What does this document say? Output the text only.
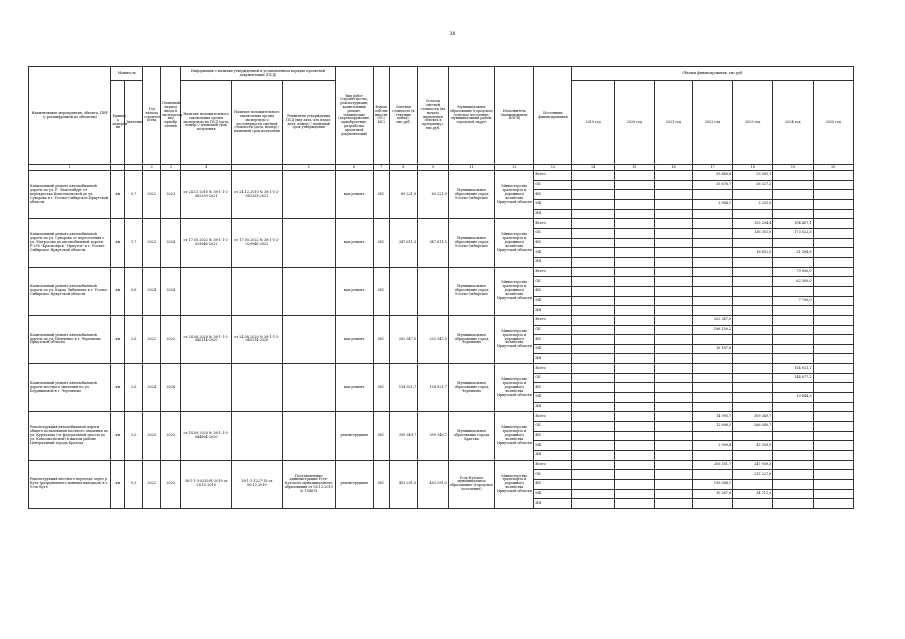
38
Наименование мероприятия, объекта, ПИР (с расшифровкой по объектам)	Мощность		Год начала строител ьства	Плановый период ввода в эксплуатац ию/приобр етения	Информация о наличии утвержденной и установленном порядке проектной документации (ПСД)			Вид работ (строительство, реконструкция, капитальный ремонт, технические (перевооружение, приобретение, разработка проектной документации)	Форма собстве нности (ОС/ МС)	Сметная стоимость (в текущих ценах), тыс.руб.	Остаток сметной стоимости (на начало включения объекта в программу), тыс.руб.	Муниципальное образование (городское/сельское поселение, муниципальный район, городской округ)	Исполнитель (наименование ИОГВ)	Источники финансирования	Объемы финансирования, тыс.руб.						
	Единиц а измерен ия	Значение			Наличие положительного заключения органа экспертизы на ПСД (дата, номер) / плановый срок получения	Наличие положительного заключения органа экспертизы о достоверности сметной стоимости (дата, номер) / плановый срок получения	Реквизиты утверждения ПСД (вид акта, кто издал, дата, номер) / плановый срок утверждения								2019 год	2020 год	2021 год	2022 год	2023 год	2024 год	2025 год
1			2	3	4		5	6	7	8	9	11	12	13	14	15	16	17	18	19	20
Капитальный ремонт автомобильной дороги по ул. Р. Люксембург от перекрестка Комсомольской до ул. Суворова в г. Усолье-Сибирское Иркутской области	км	0,7	2022	2023	от 24.12.2010 № 38-1-1-2-082339-2021	от 24.12.2010 № 38-1-1-2-082339-2021		кап.ремонт	МС	69 221,9	69 221,9	Муниципальное образование город Усолье-Сибирское	Министерство транспорта и дорожного хозяйства Иркутской области	Всего				39 640,8	29 581,1		
														ОБ				35 676,7	26 327,2		
														ФБ							
														МБ				3 964,1	3 253,9		
														ИИ							
Капитальный ремонт автомобильной дороги по ул. Суворова от пересечения с ул. Матросова до автомобильной дороги Р-255 "Красноярск - Иркутск" в г. Усолье-Сибирское Иркутской области	км	1,7	2023	2024	от 17.05.2022 № 38-1-1-2-029946-2022	от 17.05.2022 № 38-1-1-2-029946-2022		кап.ремонт	МС	347 611,5	347 611,5	Муниципальное образование город Усолье-Сибирское	Министерство транспорта и дорожного хозяйства Иркутской области	Всего					153 204,4	194 407,1	
														ОБ					136 351,9	173 022,3	
														ФБ							
														МБ					16 852,5	21 384,8	
														ИИ							
Капитальный ремонт автомобильной дороги по ул. Карла Либкнехта в г. Усолье-Сибирское Иркутской области	км	0,6	2024	2024				кап.ремонт	МС			Муниципальное образование город Усолье-Сибирское	Министерство транспорта и дорожного хозяйства Иркутской области	Всего						70 000,0	
														ОБ						62 300,0	
														ФБ							
														МБ						7 700,0	
														ИИ							
Капитальный ремонт автомобильной дороги по ул. Шевченко в г. Черемхово Иркутской области	км	2,6	2022	2022	от 24.08.2020 № 38-1-1-2-040114-2020	от 24.08.2020 № 38-1-1-2-040114-2020		кап.ремонт	МС	202 347,0	202 347,0	Муниципальное образование город Черемхово	Министерство транспорта и дорожного хозяйства Иркутской области	Всего				202 347,0			
														ОБ				186 159,2			
														ФБ							
														МБ				16 187,8			
														ИИ							
Капитальный ремонт автомобильной дороги местного значения по ул. Бердниковой в г. Черемхово	км	2,6	2024	2024				кап.ремонт	МС	154 921,7	154 921,7	Муниципальное образование город Черемхово	Министерство транспорта и дорожного хозяйства Иркутской области	Всего						154 921,7	
														ОБ						144 077,2	
														ФБ							
														МБ						10 844,5	
														ИИ							
Реконструкция автомобильной дороги общего пользования местного значения по ул. Курчатова (от федеральной трассы до ул. Комсомольской) в жилом районе Центральный города Братска	км	2,0	2023	2023	от 14.09.2020 № 38-1-1-3-044894-2020			реконструкция	МС	309 349,7	309 349,7	Муниципальное образование города Братска	Министерство транспорта и дорожного хозяйства Иркутской области	Всего				14 995,7	309 349,7		
														ОБ				12 896,3	266 040,7		
														ФБ							
														МБ				2 099,4	43 309,0		
														ИИ							
Реконструкция местного переезда через р. Кута (разрушенного ионным паводком) в г. Усть-Куте	км	0,3	2022	2023	38-1-1-3-025591-2019 от 28.10.2019	38-1-1-1227-19 от 06.12.2019	Постановление администрации Усть-Кутского муниципального образования от 06.12.2019 № 1546-П	реконструкция	МС	453 291,0	453 291,0	Усть-Кутское муниципальное образование (городское поселение)	Министерство транспорта и дорожного хозяйства Иркутской области	Всего				205 351,7	247 939,3		
														ОБ					213 227,8		
														ФБ				195 084,1			
														МБ				10 267,6	34 711,5		
														ИИ							
